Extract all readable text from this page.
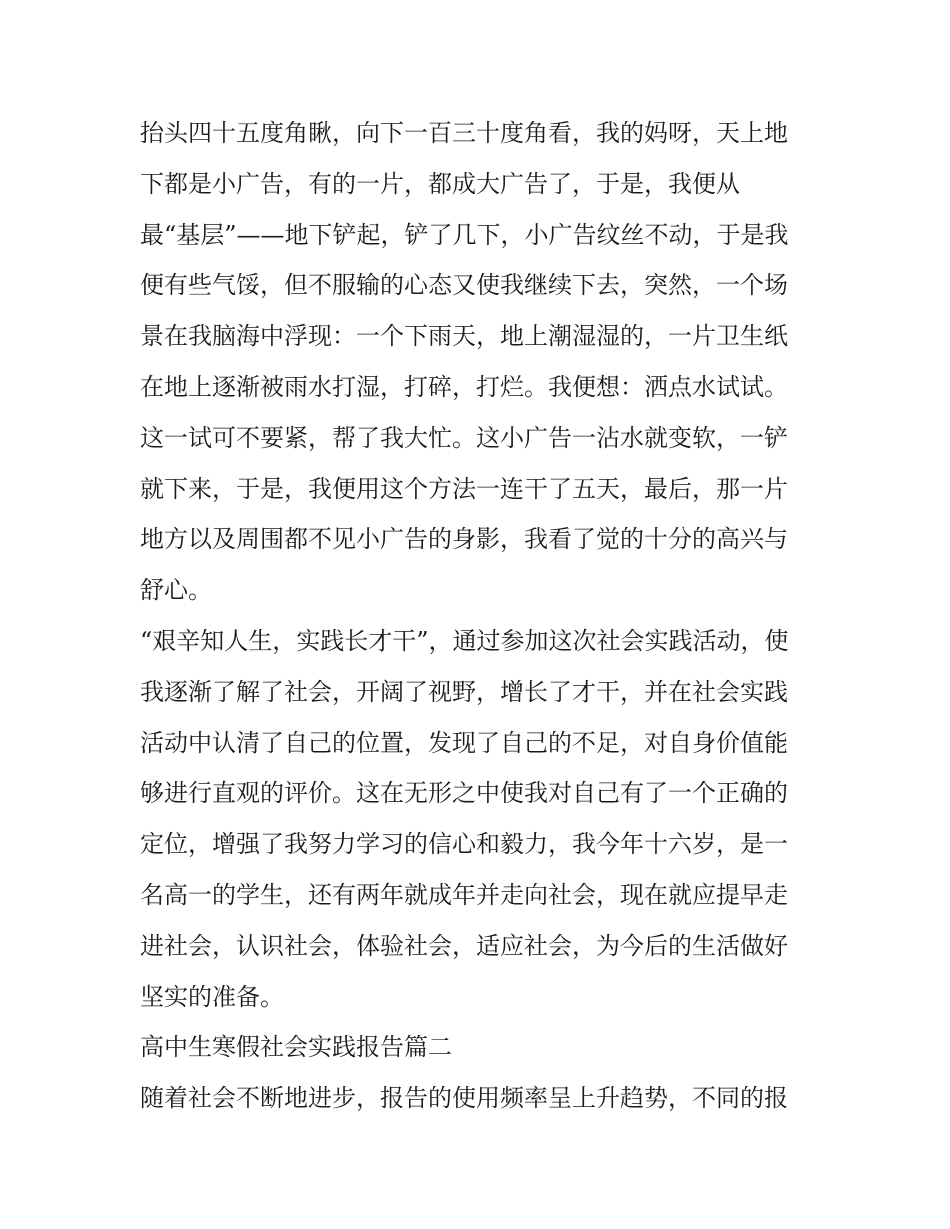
抬头四十五度角瞅，向下一百三十度角看，我的妈呀，天上地
下都是小广告，有的一片，都成大广告了，于是，我便从
最“基层”——地下铲起，铲了几下，小广告纹丝不动，于是我
便有些气馁，但不服输的心态又使我继续下去，突然，一个场
景在我脑海中浮现：一个下雨天，地上潮湿湿的，一片卫生纸
在地上逐渐被雨水打湿，打碎，打烂。我便想：洒点水试试。
这一试可不要紧，帮了我大忙。这小广告一沾水就变软，一铲
就下来，于是，我便用这个方法一连干了五天，最后，那一片
地方以及周围都不见小广告的身影，我看了觉的十分的高兴与
舒心。
“艰辛知人生，实践长才干”，通过参加这次社会实践活动，使
我逐渐了解了社会，开阔了视野，增长了才干，并在社会实践
活动中认清了自己的位置，发现了自己的不足，对自身价值能
够进行直观的评价。这在无形之中使我对自己有了一个正确的
定位，增强了我努力学习的信心和毅力，我今年十六岁，是一
名高一的学生，还有两年就成年并走向社会，现在就应提早走
进社会，认识社会，体验社会，适应社会，为今后的生活做好
坚实的准备。
高中生寒假社会实践报告篇二
随着社会不断地进步，报告的使用频率呈上升趋势，不同的报
